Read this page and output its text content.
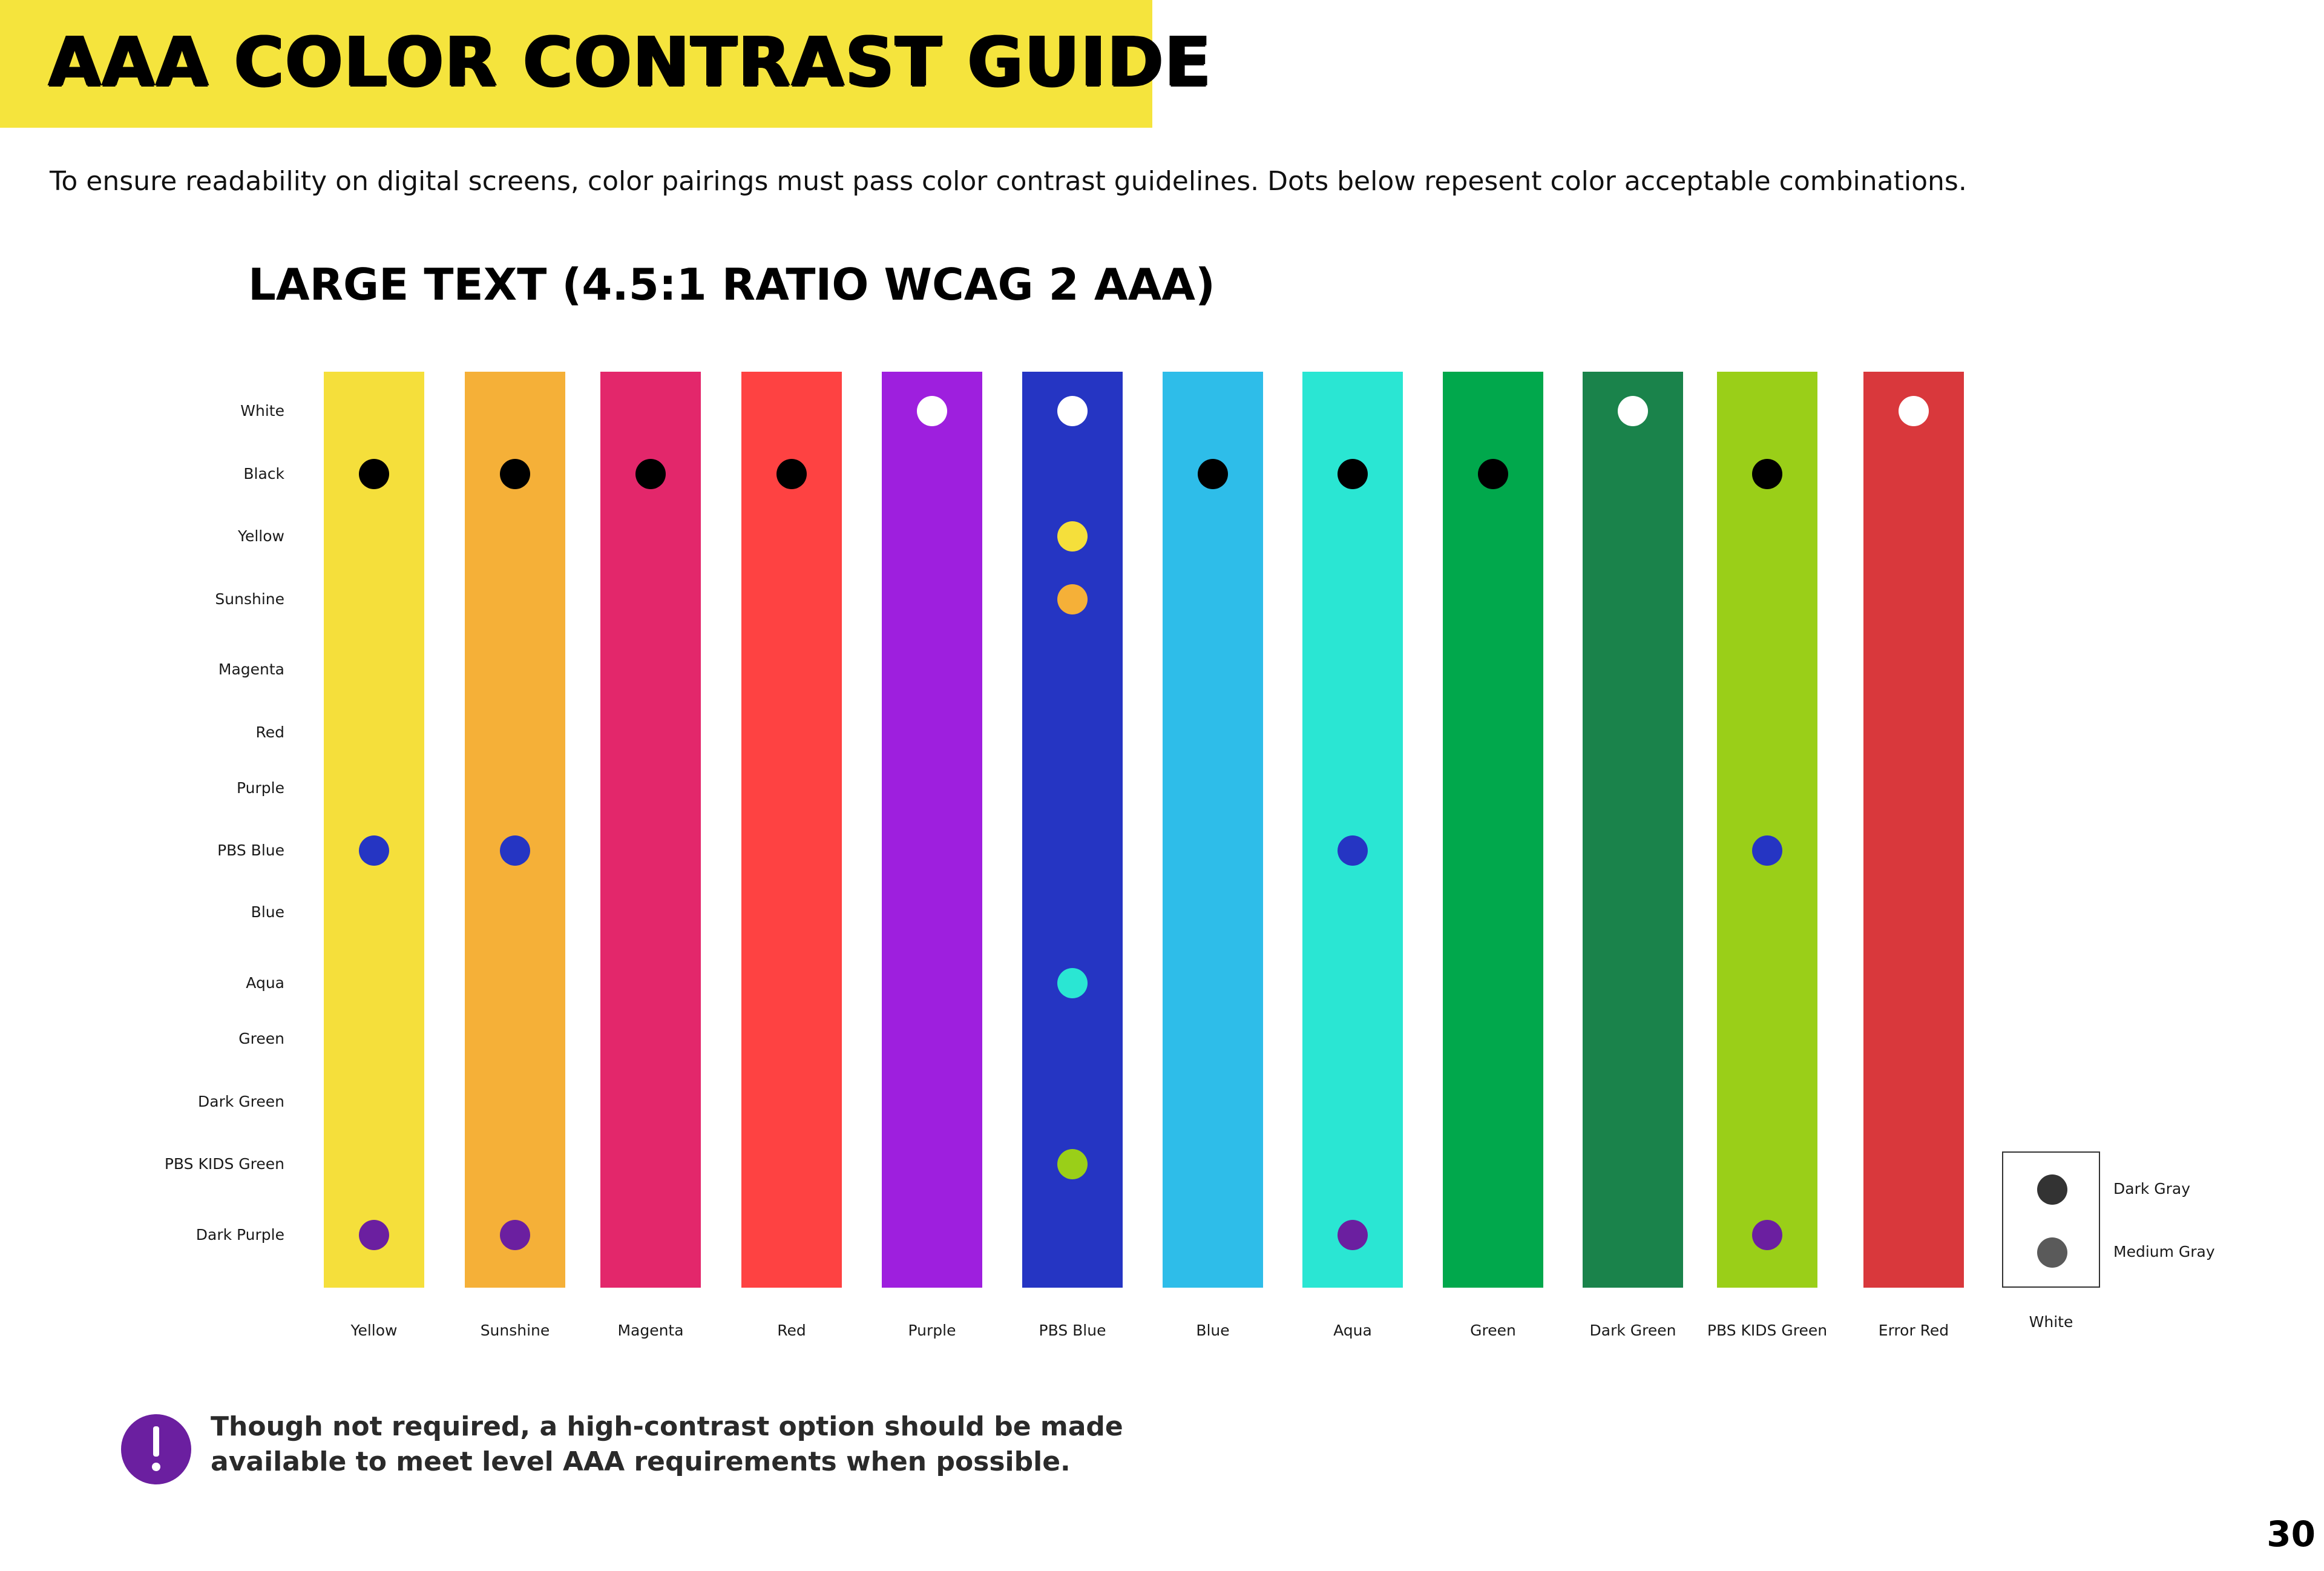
AAA COLOR CONTRAST GUIDE
To ensure readability on digital screens, color pairings must pass color contrast guidelines. Dots below repesent color acceptable combinations.
LARGE TEXT (4.5:1 RATIO WCAG 2 AAA)
White
Black
Yellow
Sunshine
Magenta
Red
Purple
PBS Blue
Blue
Aqua
Green
Dark Green
PBS KIDS Green
Dark Purple
Yellow	Sunshine	Magenta	Red	Purple	PBS Blue	Blue	Aqua	Green	Dark Green	PBS KIDS Green	Error Red
Dark Gray
Medium Gray
White
Though not required, a high-contrast option should be made
available to meet level AAA requirements when possible.
30
